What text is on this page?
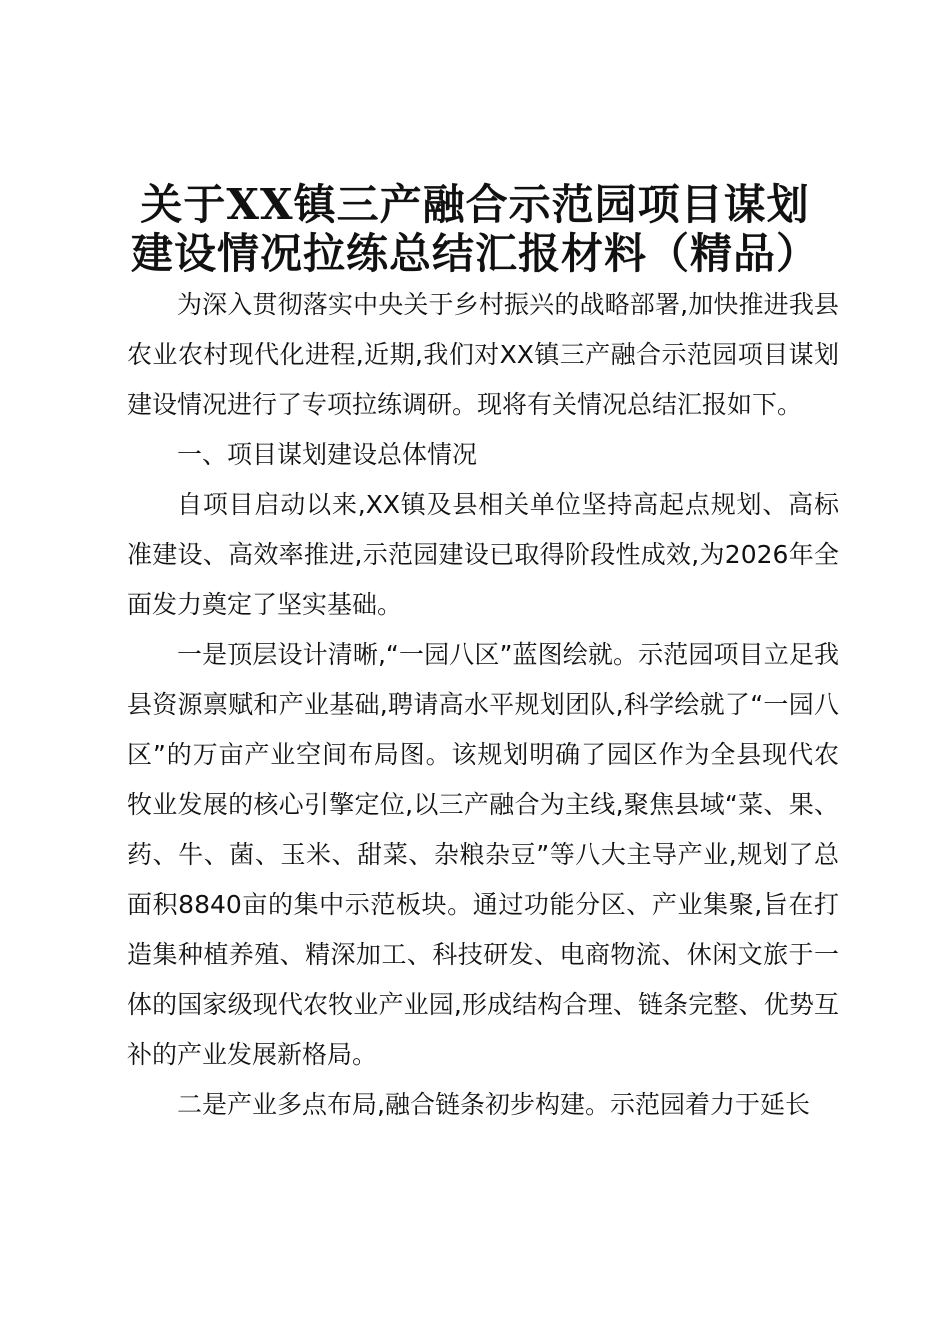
关于XX镇三产融合示范园项目谋划建设情况拉练总结汇报材料（精品）

为深入贯彻落实中央关于乡村振兴的战略部署,加快推进我县农业农村现代化进程,近期,我们对XX镇三产融合示范园项目谋划建设情况进行了专项拉练调研。现将有关情况总结汇报如下。

一、项目谋划建设总体情况

自项目启动以来,XX镇及县相关单位坚持高起点规划、高标准建设、高效率推进,示范园建设已取得阶段性成效,为2026年全面发力奠定了坚实基础。

一是顶层设计清晰,“一园八区”蓝图绘就。示范园项目立足我县资源禀赋和产业基础,聘请高水平规划团队,科学绘就了“一园八区”的万亩产业空间布局图。该规划明确了园区作为全县现代农牧业发展的核心引擎定位,以三产融合为主线,聚焦县域“菜、果、药、牛、菌、玉米、甜菜、杂粮杂豆”等八大主导产业,规划了总面积8840亩的集中示范板块。通过功能分区、产业集聚,旨在打造集种植养殖、精深加工、科技研发、电商物流、休闲文旅于一体的国家级现代农牧业产业园,形成结构合理、链条完整、优势互补的产业发展新格局。

二是产业多点布局,融合链条初步构建。示范园着力于延长
